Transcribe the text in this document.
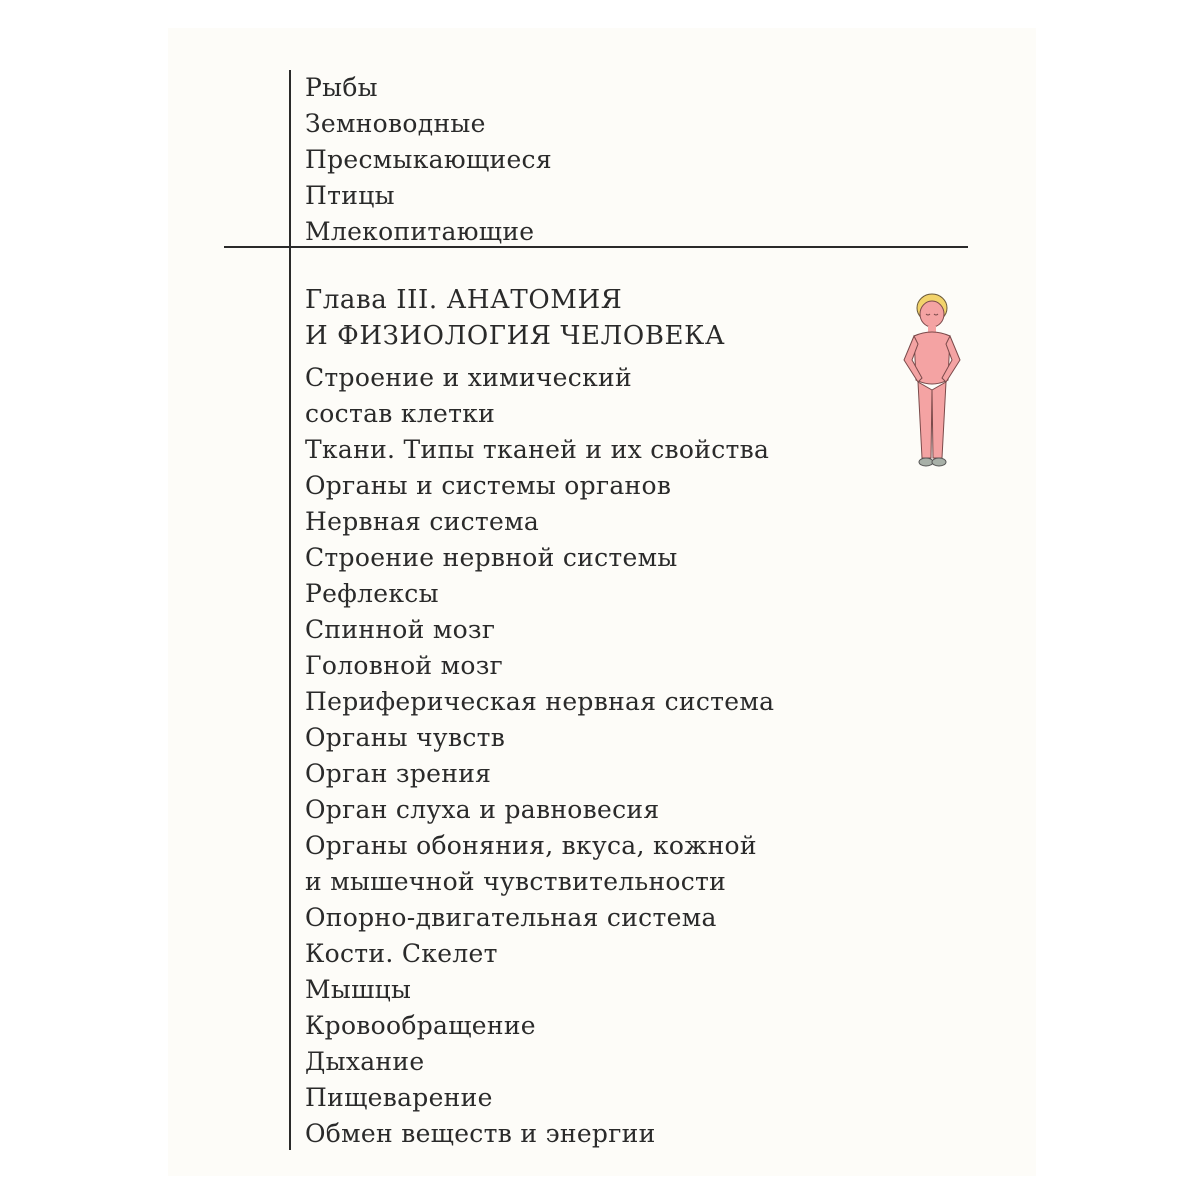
Рыбы
Земноводные
Пресмыкающиеся
Птицы
Млекопитающие
Глава III. АНАТОМИЯ
И ФИЗИОЛОГИЯ ЧЕЛОВЕКА
Строение и химический
состав клетки
Ткани. Типы тканей и их свойства
Органы и системы органов
Нервная система
Строение нервной системы
Рефлексы
Спинной мозг
Головной мозг
Периферическая нервная система
Органы чувств
Орган зрения
Орган слуха и равновесия
Органы обоняния, вкуса, кожной
и мышечной чувствительности
Опорно-двигательная система
Кости. Скелет
Мышцы
Кровообращение
Дыхание
Пищеварение
Обмен веществ и энергии
